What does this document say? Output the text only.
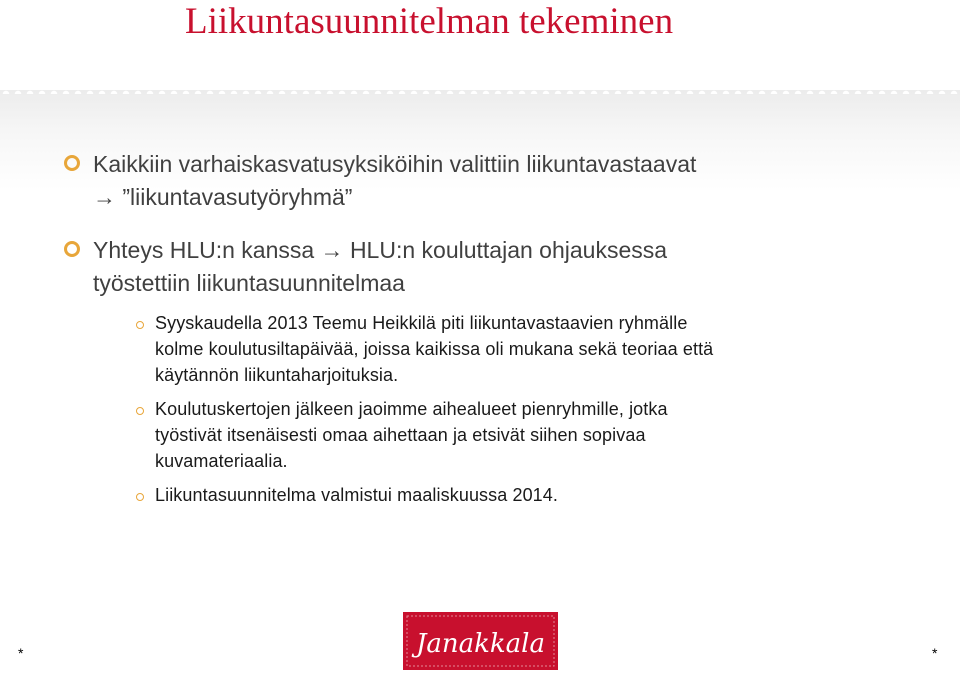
Liikuntasuunnitelman tekeminen
Kaikkiin varhaiskasvatusyksiköihin valittiin liikuntavastaavat
→ ”liikuntavasutyöryhmä”
Yhteys HLU:n kanssa → HLU:n kouluttajan ohjauksessa
työstettiin liikuntasuunnitelmaa
Syyskaudella 2013 Teemu Heikkilä piti liikuntavastaavien ryhmälle
kolme koulutusiltapäivää, joissa kaikissa oli mukana sekä teoriaa että
käytännön liikuntaharjoituksia.
Koulutuskertojen jälkeen jaoimme aihealueet pienryhmille, jotka
työstivät itsenäisesti omaa aihettaan ja etsivät siihen sopivaa
kuvamateriaalia.
Liikuntasuunnitelma valmistui maaliskuussa 2014.
Janakkala
*	*
